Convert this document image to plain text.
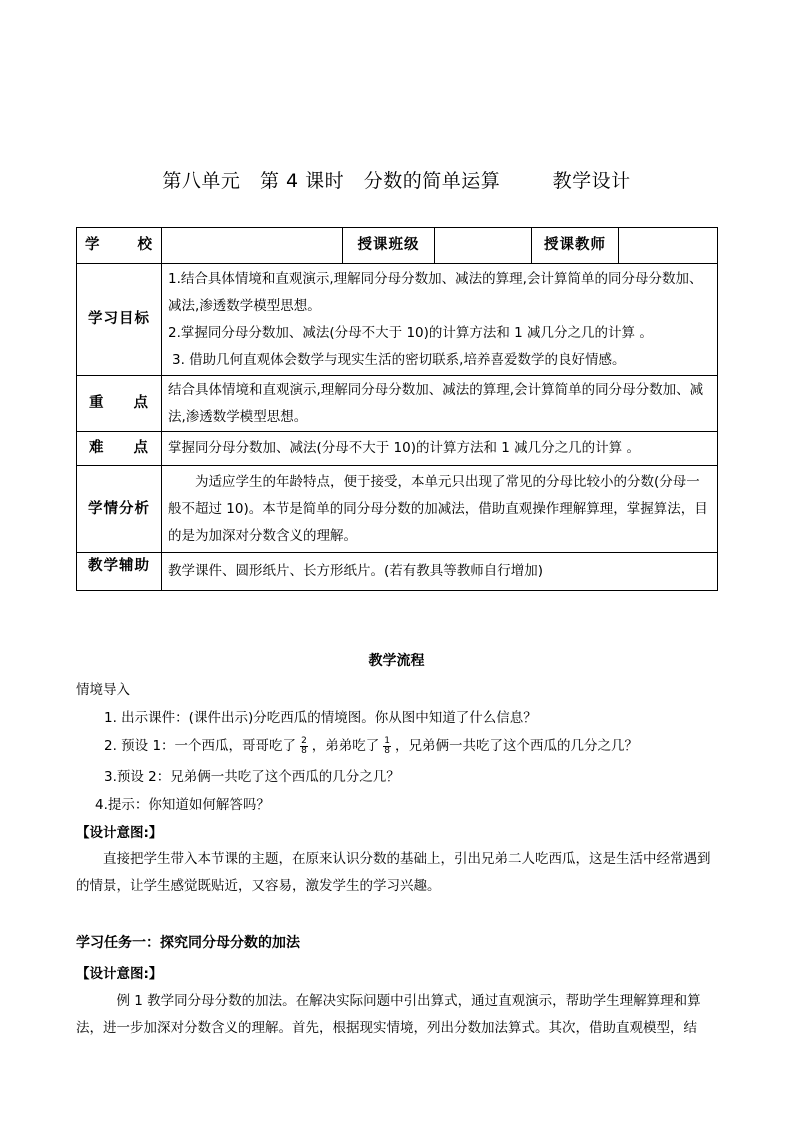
第八单元   第 4 课时   分数的简单运算        教学设计
学 校		授课班级		授课教师	
学习目标	1.结合具体情境和直观演示,理解同分母分数加、减法的算理,会计算简单的同分母分数加、减法,渗透数学模型思想。
2.掌握同分母分数加、减法(分母不大于 10)的计算方法和 1 减几分之几的计算 。
3. 借助几何直观体会数学与现实生活的密切联系,培养喜爱数学的良好情感。				

重 点	结合具体情境和直观演示,理解同分母分数加、减法的算理,会计算简单的同分母分数加、减法,渗透数学模型思想。				

难 点	掌握同分母分数加、减法(分母不大于 10)的计算方法和 1 减几分之几的计算 。				
学情分析	为适应学生的年龄特点，便于接受，本单元只出现了常见的分母比较小的分数(分母一般不超过 10)。本节是简单的同分母分数的加减法，借助直观操作理解算理，掌握算法，目的是为加深对分数含义的理解。				
教学辅助	教学课件、圆形纸片、长方形纸片。(若有教具等教师自行增加)				
教学流程
情境导入
1. 出示课件：(课件出示)分吃西瓜的情境图。你从图中知道了什么信息？
2. 预设 1：一个西瓜，哥哥吃了 $\frac{2}{8}$ ，弟弟吃了 $\frac{1}{8}$ ，兄弟俩一共吃了这个西瓜的几分之几？
3.预设 2：兄弟俩一共吃了这个西瓜的几分之几？
4.提示：你知道如何解答吗？
【设计意图:】
直接把学生带入本节课的主题，在原来认识分数的基础上，引出兄弟二人吃西瓜，这是生活中经常遇到的情景，让学生感觉既贴近，又容易，激发学生的学习兴趣。
学习任务一：探究同分母分数的加法
【设计意图:】
例 1 教学同分母分数的加法。在解决实际问题中引出算式，通过直观演示，帮助学生理解算理和算法，进一步加深对分数含义的理解。首先，根据现实情境，列出分数加法算式。其次，借助直观模型，结
